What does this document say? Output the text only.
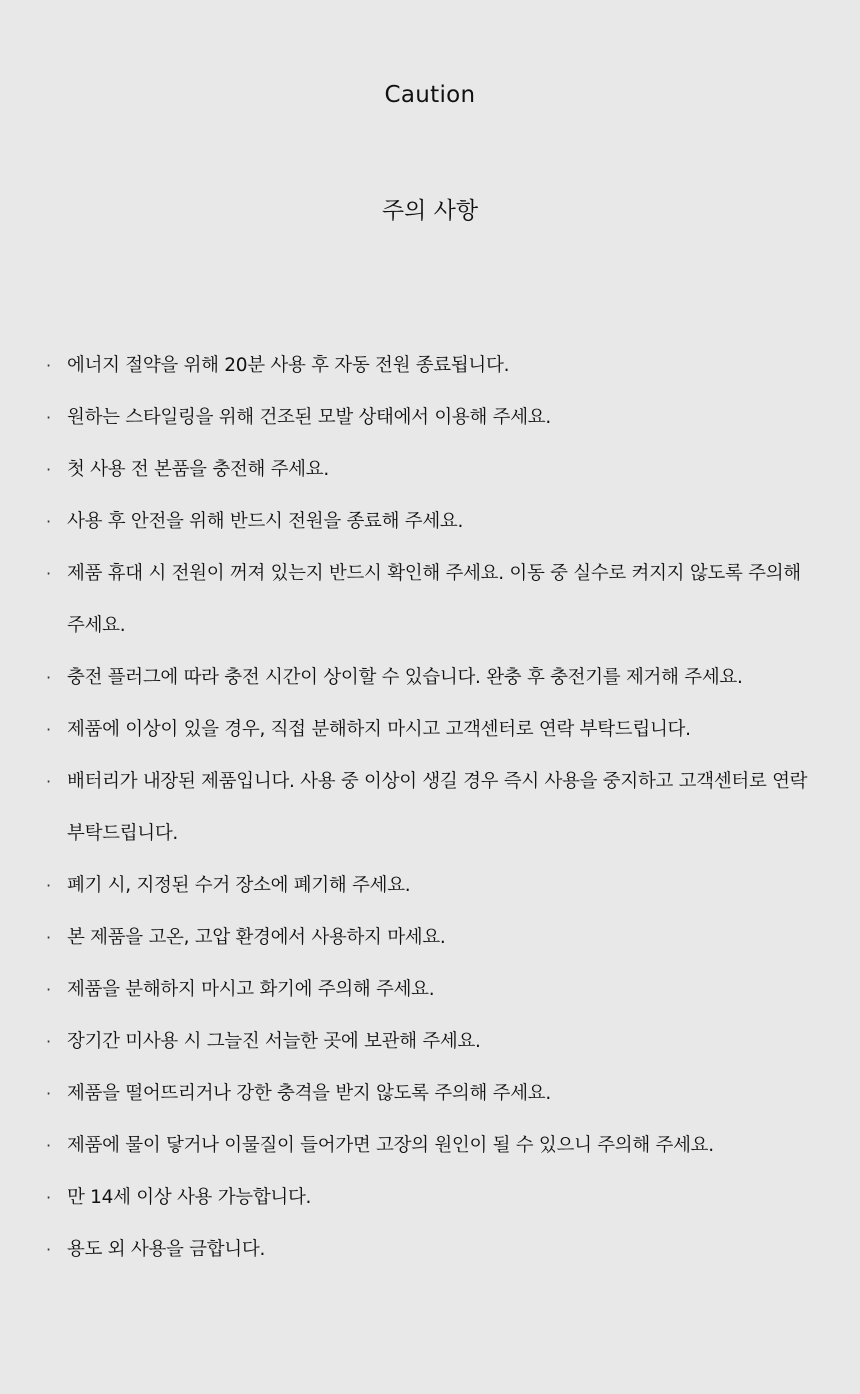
Caution
주의 사항
· 에너지 절약을 위해 20분 사용 후 자동 전원 종료됩니다.
· 원하는 스타일링을 위해 건조된 모발 상태에서 이용해 주세요.
· 첫 사용 전 본품을 충전해 주세요.
· 사용 후 안전을 위해 반드시 전원을 종료해 주세요.
· 제품 휴대 시 전원이 꺼져 있는지 반드시 확인해 주세요. 이동 중 실수로 켜지지 않도록 주의해 주세요.
· 충전 플러그에 따라 충전 시간이 상이할 수 있습니다. 완충 후 충전기를 제거해 주세요.
· 제품에 이상이 있을 경우, 직접 분해하지 마시고 고객센터로 연락 부탁드립니다.
· 배터리가 내장된 제품입니다. 사용 중 이상이 생길 경우 즉시 사용을 중지하고 고객센터로 연락 부탁드립니다.
· 폐기 시, 지정된 수거 장소에 폐기해 주세요.
· 본 제품을 고온, 고압 환경에서 사용하지 마세요.
· 제품을 분해하지 마시고 화기에 주의해 주세요.
· 장기간 미사용 시 그늘진 서늘한 곳에 보관해 주세요.
· 제품을 떨어뜨리거나 강한 충격을 받지 않도록 주의해 주세요.
· 제품에 물이 닿거나 이물질이 들어가면 고장의 원인이 될 수 있으니 주의해 주세요.
· 만 14세 이상 사용 가능합니다.
· 용도 외 사용을 금합니다.
